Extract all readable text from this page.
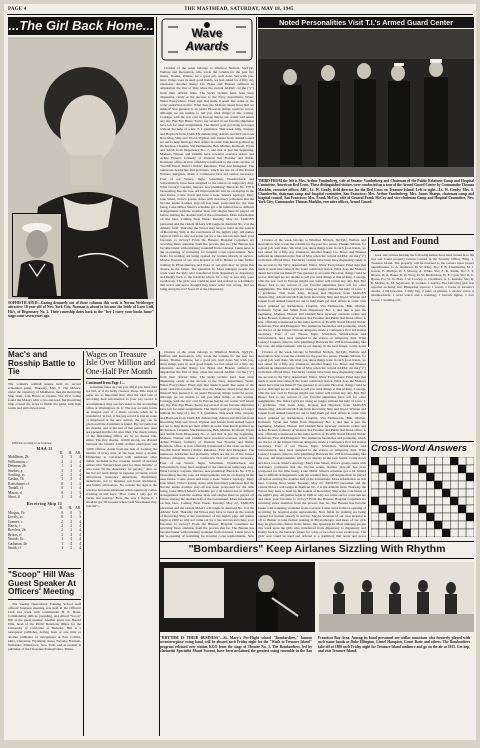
PAGE 4	THE MASTHEAD, SATURDAY, MAY 18, 1945
...The Girl Back Home...
SOPHISTICATED—Gazing demurely out of these columns this week is Norma Weisberger, attractive 18-year-old of New York City. Norman is about to become the bride of Loen Luff, H4/c, of Dispensary No. 2. Their courtship dates back to the "hey I carry your books home" stage some seven years ago.
Mac's and Rosship Battle to Tie
The women's softball league held its second scheduled game, Thursday, May 9. The MAA's, under the captaincy of Middleton, met the Receiving Ship team, with Harris as captain. The 25% voting found the MAA's with a two-run lead, but Receiving Ship evened the score to finish the game with both teams tied with eleven runs.
Official scoring is as follows:
MAA 11
	R.	H.	AB.
Middleton, 2b	1	3	4
Williamson, c	2	2	4
Dettman, 2b	1	3	4
Sisekes, p	3	3	4
Sowling, ss	2	2	4
Gaskin, 1b	1	2	4
Kretschmer, rf	0	1	3
Tindall, cf	0	1	4
Mason, rf	0	1	3
Short, lf	1	2	4
Receiving Ship 11
	R.	H.	AB.
Mingus, 1b	0	0	3
Lovely, ss	0	2	3
Gremes, c	2	2	4
Harris, c	2	2	4
Brevlers, 2b	2	3	4
Brotas, rf	2	4	4
Woods, 1b	1	4	4
Gadsman, 2b	1	4	4
Smith, rf	1	2	4
"Scoop" Hill Was Guest Speaker At Officers' Meeting
The weekly Operational Training School staff officers' business meeting was held at the Officers' Club last week with Commander H. E. Hone, Commanding Officer, presiding, and Alfred "Scoop" Hill as the guest speaker. Another guest was Harold Ellis, head of the Public Relations Office for the University of California at Berkeley. Hill is a newspaper publisher, having been at one time or another publisher of newspapers at Fort Collins, Ohio, Cheyenne, Wyoming; Reno, Nevada; Fremont, Nebraska; Jamestown, New York, and at present is publisher of the Cheyenne Pennsylvania, Times.
Wages on Treasure Isle Over Million and One-Half Per Month
Continued from Page 1—
sometime taxes up your pay chit if you have died not bill, or if it's badly creased. These little slips of paper are so important that, after the vital task of recording their information to your pay record is accomplished, they are forwarded to the accounting office at Washington, D. C. The pay account forms an integral part of a man's records when he is transferred. In fact, if the pay record is lost en route or misplaced at the new station, the pay can be given until the document is found. Pay accounts last six months, and at the end of that period new ones are opened and the old ones filed. The check writers of the Disbursing Office are by no means idle, either. The first checks, 12,000 strong, are divided between the island's 2,600 civilian employees and 3,000 officers. Aside from the task of locating the monies of every man on the base twice a month, Disbursing is concerned with numerous other duties. Included is the constant stream of married sailors who "haven't been paid for three months" or who were "in the dispensary for payday." Also on the list are such things as expense accounts, travel allowances, insurance deductions, disciplinary deductions, not to mention war bond allotments, and family allowances. No wonder the sign at the window becomes emotional when somebody comes crashing in and says, "How come I only got 25 bucks last payday? Now, the way I figure it, I shoulda' got 58 because when I left Shoemaker they told me"...
Wave
Awards
Citation of the week belongs to Winifred Nichols, Sp(T)3c, Welfare and Recreation, who wrote the column for the past two issues. Thanks, Winnie, for a good job, well done. We wish you, since things were in such good hands, we had asked for a fifty day extension. Another Rung: Lts. Bruss and Brauser suffered an amputation the first of May when the current ALPAC cut the ("y") from their official titles. The lucky victims have been busy dispensing candy at the success to the Navy department. Water, Water Everywhere: Fired sign that made it seem like some of the water restriction notice. What does the Mohave desert have that we missed? You guessed it, an oasis! However, things could be worse, although we are unable to tell you what things at this writing. Courage, with the war over in Europe maybe our waiter will return any day. Bye Bye Blues: Sad to say several of our favorite shipmates have left for other assignments. The district gold got along no longer without the help of a few T. I. graduates. This week Amy, Jacquay and Haydock from TADCEN dishonoring; Adrain and McCain from Receiving Ship and Wood, Wyman and Jensen from Armed Guard set out to help them get their affairs in order. Oak Knoll grabbed up Richardson, Chapins, Van Demseerde, Beh, Mullen, Rothweil, Wynn and Smith from Dispensary No. 2, and that is just the beginning. Madsen, Niesser and Oakhill have received overseas orders and Arline Fickert, formerly of Western Sea Frontier and Public Relations office, is now officially transferred to the radio section of Twelfth Naval District Public Relations. First Aid Delegates: The numerous headaches and problems, which are the lot of the United Nations delegates, made a conference first aid station necessary. Four of our Waves, Ingle, Schurman, Wondracheck and Schwahrbach, have been assigned to the station on temporary duty. What Luxury! Captain, mirrors, new plumbing! Barracks No. 278 is blossoming like the rose. All improvements will be on display in the near future. Come down and have a look. Smart's Apology: Mary Jane Smart, Wave's gossip, states with customary politeness that the Novina tennis doubles play-off has been postponed for the time being. Luke Miller Smart's schedule got a bit behind due to difficult arrangements with the weather man, and singles must be played off before starting the doubles half of the tournament. More information on this later. Coming Next Week: Tuesday, May 22, TADCEN personnel and the violent MAA's will tangle in diamond No. 2 at the Athletic field. Thursday the Waves may have to bend up the sounds of Receiving Ship at the conclusion of the night's play. All games begin at 1900 so why not come out for a late sun tan and cheer your favorites to victory? From the Bureau: Hospital corpsmen are receiving more attention from the powers that be. The Bureau has become busier with returning wounded from overseas. Latest news is the re-opening of recruiting for hospital corps replacements. New fields for training are being opened for women already in service. Maybe Veterans of our own hospital is off to Hunter to take further training in Physiotherapy, and more of our girls may be given this chance in the future. The Question Is: Most unhappy people this week were the girls who transferred from dispensary to dispensary and finally back to the barracks where for a day or two they were swollen up. The girls' sore could be used and ordered to a dormitory that never and never thought they knew what was wrong. Did we bring along the Ice? Soon all at the Dispensary.
Noted Personalities Visit T.I.'s Armed Guard Center
THIRD FROM the left is Mrs. Arthur Vandenberg, wife of Senator Vandenberg and Chairman of the Public Relations Camp and Hospital Committee, American Red Cross. These distinguished visitors were conducted on a tour of the Armed Guard Center by Commander Thomas Macklin, executive officer. ABC, Lt. W. Grady, field director for the Red Cross on Treasure Island. Left to right—Lt. W. Grady; Mrs. S. Chamberlin, chairman camp and hospital committee, San Francisco; Mrs. Arthur Vandenberg; Mrs. James Sharpe, chairman camp and hospital council, San Francisco; Mrs. Frank McCoy, wife of General Frank McCoy and vice-chairman Camp and Hospital Committee, New York City; Commander Thomas Macklin, executive officer, Armed Guard.
Citation of the week belongs to Winifred Nichols, Sp(T)3c, Welfare and Recreation, who wrote the column for the past two issues. Thanks, Winnie, for a good job, well done. We wish you, since things were in such good hands, we had asked for a fifty day extension. Another Rung: Lts. Bruss and Brauser suffered an amputation the first of May when the current ALPAC cut the ("y") from their official titles. The lucky victims have been busy dispensing candy at the success to the Navy department. Water, Water Everywhere: Fired sign that made it seem like some of the water restriction notice. What does the Mohave desert have that we missed? You guessed it, an oasis! However, things could be worse, although we are unable to tell you what things at this writing. Courage, with the war over in Europe maybe our waiter will return any day. Bye Bye Blues: Sad to say several of our favorite shipmates have left for other assignments. The district gold got along no longer without the help of a few T. I. graduates. This week Amy, Jacquay and Haydock from TADCEN dishonoring; Adrain and McCain from Receiving Ship and Wood, Wyman and Jensen from Armed Guard set out to help them get their affairs in order. Oak Knoll grabbed up Richardson, Chapins, Van Demseerde, Beh, Mullen, Rothweil, Wynn and Smith from Dispensary No. 2, and that is just the beginning. Madsen, Niesser and Oakhill have received overseas orders and Arline Fickert, formerly of Western Sea Frontier and Public Relations office, is now officially transferred to the radio section of Twelfth Naval District Public Relations. First Aid Delegates: The numerous headaches and problems, which are the lot of the United Nations delegates, made a conference first aid station necessary. Four of our Waves, Ingle, Schurman, Wondracheck and Schwahrbach, have been assigned to the station on temporary duty. What Luxury! Captain, mirrors, new plumbing! Barracks No. 278 is blossoming like the rose. All improvements will be on display in the near future. Come down
Lost and Found
Gear and articles bearing the following names have been turned in to the lost and found property bureau located in the Security Office, Bldg. 1, Treasure Island. The property will be returned to the owners upon proper identification. G. A. Anderson, D. W. Riley, Sbc; F. B. Chamberlin, M. J. Garcia, E. Phillips, D. J. Murray, A. White, Sbc; E. R. Smith, Sbc; J. T. Rivera, D. A. Bauer, R. W. Wray, D. W. Richardson, W. E. Lynn, Sbc; R. E. Byrne, F/c; W. W. Hart, J. W. Cowley, C. Chambers, A. L. Kensler, Sbc; R. E. McRae, K. M. Seyabowz, R. Golden, J. Garcia. The following gear was reported as being lost: Bluejacket topcoat, 1 watch, 1 books of traveler's checks, 2 ID bracelets, 1 dilly bag, 2 pairs of glasses, 1 electric razor, 6 handkerchiefs, 1 wrist watch and 1 handbag, 1 barrack lighter, 1 foot locker, 1 bedding roll.
Cross-Word Answers
"Bombardiers" Keep Airlanes Sizzling With Rhythm
"RHYTHM IS THEIR BUSINESS"—St. Mary's Pre-Flight school "Bombardiers," famous seventeen-piece swing band, will be aboard each Friday night for the "Waifs to Treasure Island" program released over station KGO from the stage of Theatre No. 3. The Bombardiers, led by clarinetist Specialist Mauri Sweenz, have been acclaimed the greatest swing ensemble in the San Francisco Bay Area. Among its band personnel are stellar musicians who formerly played with such name bands as Duke Ellington, Lionel Hampton, Count Basie and others. The Bombardiers take off at 1800 each Friday night for Treasure Island audience and go on the air at 1915. Get hep, and visit Treasure Island.
Citation of the week belongs to Winifred Nichols, Sp(T)3c, Welfare and Recreation, who wrote the column for the past two issues. Thanks, Winnie, for a good job, well done. We wish you, since things were in such good hands, we had asked for a fifty day extension. Another Rung: Lts. Bruss and Brauser suffered an amputation the first of May when the current ALPAC cut the ("y") from their official titles. The lucky victims have been busy dispensing candy at the success to the Navy department. Water, Water Everywhere: Fired sign that made it seem like some of the water restriction notice. What does the Mohave desert have that we missed? You guessed it, an oasis! However, things could be worse, although we are unable to tell you what things at this writing. Courage, with the war over in Europe maybe our waiter will return any day. Bye Bye Blues: Sad to say several of our favorite shipmates have left for other assignments. The district gold got along no longer without the help of a few T. I. graduates. This week Amy, Jacquay and Haydock from TADCEN dishonoring; Adrain and McCain from Receiving Ship and Wood, Wyman and Jensen from Armed Guard set out to help them get their affairs in order. Oak Knoll grabbed up Richardson, Chapins, Van Demseerde, Beh, Mullen, Rothweil, Wynn and Smith from Dispensary No. 2, and that is just the beginning. Madsen, Niesser and Oakhill have received overseas orders and Arline Fickert, formerly of Western Sea Frontier and Public Relations office, is now officially transferred to the radio section of Twelfth Naval District Public Relations. First Aid Delegates: The numerous headaches and problems, which are the lot of the United Nations delegates, made a conference first aid station necessary. Four of our Waves, Ingle, Schurman, Wondracheck and Schwahrbach, have been assigned to the station on temporary duty. What Luxury! Captain, mirrors, new plumbing! Barracks No. 278 is blossoming like the rose. All improvements will be on display in the near future. Come down and have a look. Smart's Apology: Mary Jane Smart, Wave's gossip, states with customary politeness that the Novina tennis doubles play-off has been postponed for the time being. Luke Miller Smart's schedule got a bit behind due to difficult arrangements with the weather man, and singles must be played off before starting the doubles half of the tournament. More information on this later. Coming Next Week: Tuesday, May 22, TADCEN personnel and the violent MAA's will tangle in diamond No. 2 at the Athletic field. Thursday the Waves may have to bend up the sounds of Receiving Ship at the conclusion of the night's play. All games begin at 1900 so why not come out for a late sun tan and cheer your favorites to victory? From the Bureau: Hospital corpsmen are receiving more attention from the powers that be. The Bureau has become busier with returning wounded from overseas. Latest news is the re-opening of recruiting for hospital corps replacements. New fields for training are being opened for women already in service. Maybe Veterans of our own hospital is off to Hunter to take further training in Physiotherapy, and more of our girls may be given this chance in the future. The Question Is: Most unhappy people this week were the girls who transferred from dispensary to dispensary and finally back to the barracks where for a day or two they were swollen up. The girls' sore could be used and ordered to a dormitory that never and never
Citation of the week belongs to Winifred Nichols, Sp(T)3c, Welfare and Recreation, who wrote the column for the past two issues. Thanks, Winnie, for a good job, well done. We wish you, since things were in such good hands, we had asked for a fifty day extension. Another Rung: Lts. Bruss and Brauser suffered an amputation the first of May when the current ALPAC cut the ("y") from their official titles. The lucky victims have been busy dispensing candy at the success to the Navy department. Water, Water Everywhere: Fired sign that made it seem like some of the water restriction notice. What does the Mohave desert have that we missed? You guessed it, an oasis! However, things could be worse, although we are unable to tell you what things at this writing. Courage, with the war over in Europe maybe our waiter will return any day. Bye Bye Blues: Sad to say several of our favorite shipmates have left for other assignments. The district gold got along no longer without the help of a few T. I. graduates. This week Amy, Jacquay and Haydock from TADCEN dishonoring; Adrain and McCain from Receiving Ship and Wood, Wyman and Jensen from Armed Guard set out to help them get their affairs in order. Oak Knoll grabbed up Richardson, Chapins, Van Demseerde, Beh, Mullen, Rothweil, Wynn and Smith from Dispensary No. 2, and that is just the beginning. Madsen, Niesser and Oakhill have received overseas orders and Arline Fickert, formerly of Western Sea Frontier and Public Relations office, is now officially transferred to the radio section of Twelfth Naval District Public Relations. First Aid Delegates: The numerous headaches and problems, which are the lot of the United Nations delegates, made a conference first aid station necessary. Four of our Waves, Ingle, Schurman, Wondracheck and Schwahrbach, have been assigned to the station on temporary duty. What Luxury! Captain, mirrors, new plumbing! Barracks No. 278 is blossoming like the rose. All improvements will be on display in the near future. Come down and have a look. Smart's Apology: Mary Jane Smart, Wave's gossip, states with customary politeness that the Novina tennis doubles play-off has been postponed for the time being. Luke Miller Smart's schedule got a bit behind due to difficult arrangements with the weather man, and singles must be played off before starting the doubles half of the tournament. More information on this later. Coming Next Week: Tuesday, May 22, TADCEN personnel and the violent MAA's will tangle in diamond No. 2 at the Athletic field. Thursday the Waves may have to bend up the sounds of Receiving Ship at the conclusion of the night's play. All games begin at 1900 so why not come out for a late sun tan and cheer your favorites to victory? From the Bureau: Hospital corpsmen are receiving more attention from the powers that be. The Bureau has become busier with returning wounded from overseas. Latest news is the re-opening of recruiting for hospital corps replacements. New
